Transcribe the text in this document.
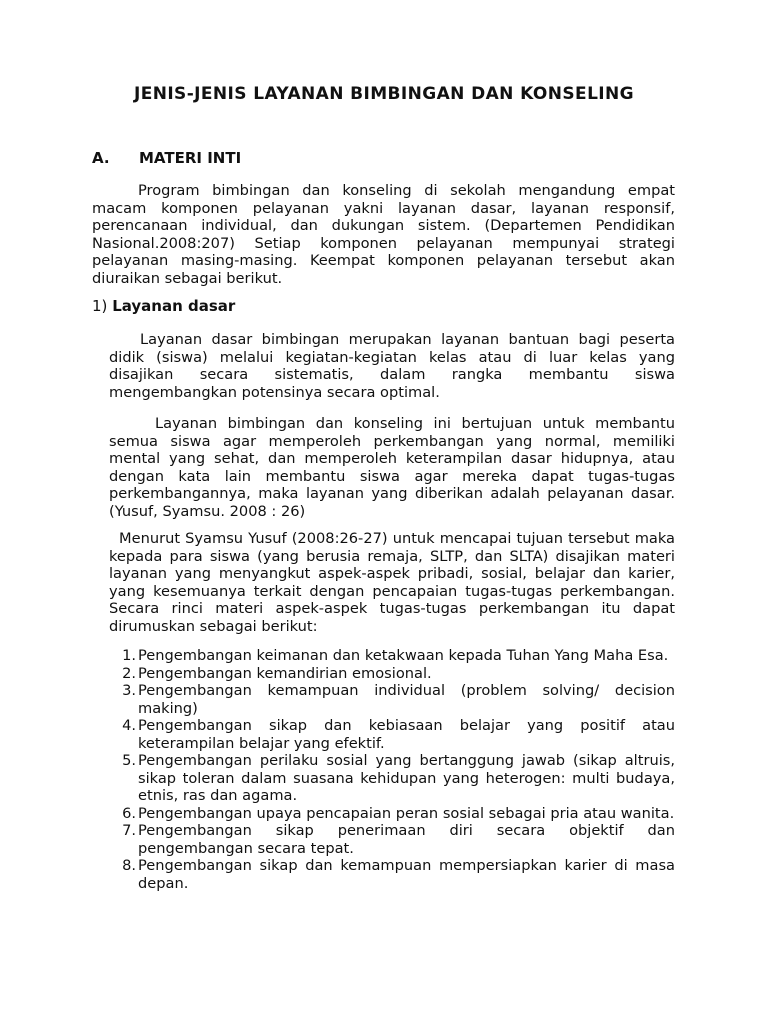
JENIS-JENIS LAYANAN BIMBINGAN DAN KONSELING
A. MATERI INTI
Program bimbingan dan konseling di sekolah mengandung empat macam komponen pelayanan yakni layanan dasar, layanan responsif, perencanaan individual, dan dukungan sistem. (Departemen Pendidikan Nasional.2008:207) Setiap komponen pelayanan mempunyai strategi pelayanan masing-masing. Keempat komponen pelayanan tersebut akan diuraikan sebagai berikut.
1) Layanan dasar
Layanan dasar bimbingan merupakan layanan bantuan bagi peserta didik (siswa) melalui kegiatan-kegiatan kelas atau di luar kelas yang disajikan secara sistematis, dalam rangka membantu siswa mengembangkan potensinya secara optimal.
Layanan bimbingan dan konseling ini bertujuan untuk membantu semua siswa agar memperoleh perkembangan yang normal, memiliki mental yang sehat, dan memperoleh keterampilan dasar hidupnya, atau dengan kata lain membantu siswa agar mereka dapat tugas-tugas perkembangannya, maka layanan yang diberikan adalah pelayanan dasar. (Yusuf, Syamsu. 2008 : 26)
Menurut Syamsu Yusuf (2008:26-27) untuk mencapai tujuan tersebut maka kepada para siswa (yang berusia remaja, SLTP, dan SLTA) disajikan materi layanan yang menyangkut aspek-aspek pribadi, sosial, belajar dan karier, yang kesemuanya terkait dengan pencapaian tugas-tugas perkembangan. Secara rinci materi aspek-aspek tugas-tugas perkembangan itu dapat dirumuskan sebagai berikut:
1. Pengembangan keimanan dan ketakwaan kepada Tuhan Yang Maha Esa.
2. Pengembangan kemandirian emosional.
3. Pengembangan kemampuan individual (problem solving/ decision making)
4. Pengembangan sikap dan kebiasaan belajar yang positif atau keterampilan belajar yang efektif.
5. Pengembangan perilaku sosial yang bertanggung jawab (sikap altruis, sikap toleran dalam suasana kehidupan yang heterogen: multi budaya, etnis, ras dan agama.
6. Pengembangan upaya pencapaian peran sosial sebagai pria atau wanita.
7. Pengembangan sikap penerimaan diri secara objektif dan pengembangan secara tepat.
8. Pengembangan sikap dan kemampuan mempersiapkan karier di masa depan.
